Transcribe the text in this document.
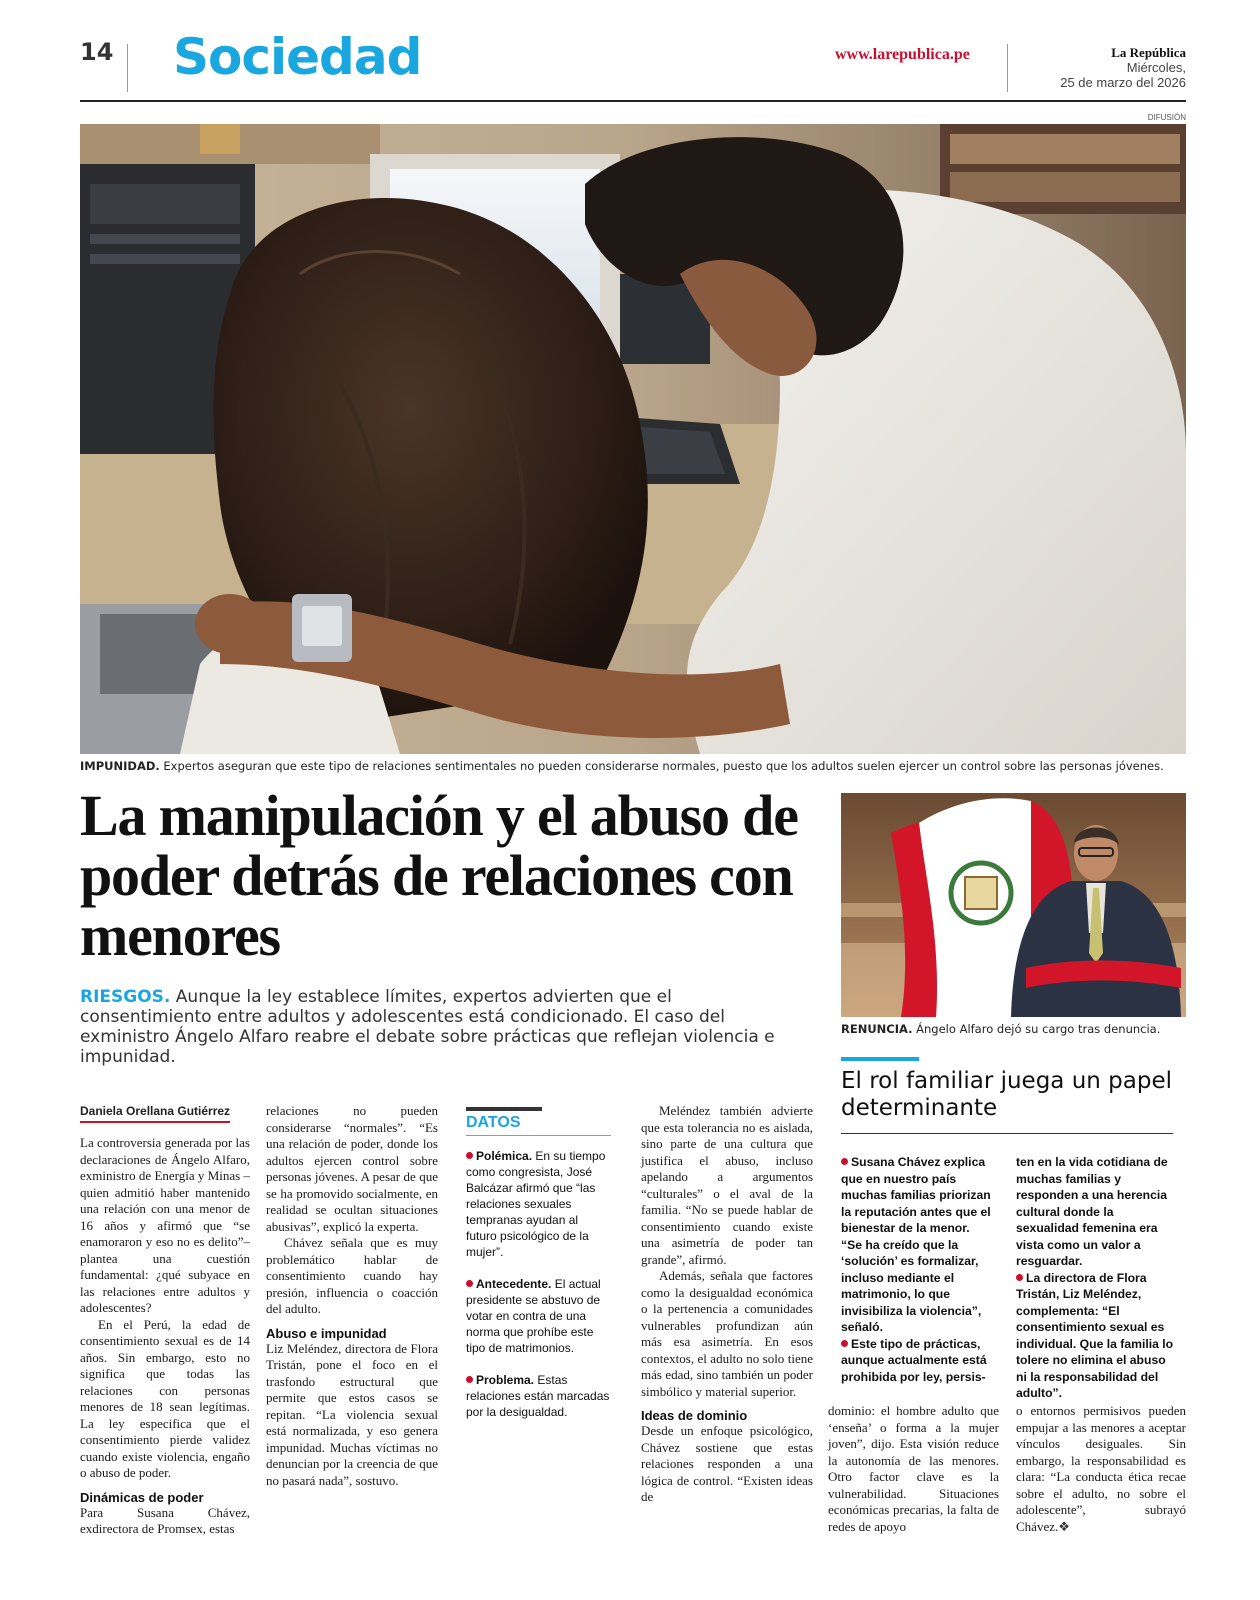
14 Sociedad	www.larepublica.pe	La República
Miércoles,
25 de marzo del 2026
DIFUSIÓN
IMPUNIDAD. Expertos aseguran que este tipo de relaciones sentimentales no pueden considerarse normales, puesto que los adultos suelen ejercer un control sobre las personas jóvenes.
La manipulación y el abuso de poder detrás de relaciones con menores
RIESGOS. Aunque la ley establece límites, expertos advierten que el consentimiento entre adultos y adolescentes está condicionado. El caso del exministro Ángelo Alfaro reabre el debate sobre prácticas que reflejan violencia e impunidad.
RENUNCIA. Ángelo Alfaro dejó su cargo tras denuncia.
Daniela Orellana Gutiérrez

La controversia generada por las declaraciones de Ángelo Alfaro, exministro de Energía y Minas –quien admitió haber mantenido una relación con una menor de 16 años y afirmó que “se enamoraron y eso no es delito”– plantea una cuestión fundamental: ¿qué subyace en las relaciones entre adultos y adolescentes?

En el Perú, la edad de consentimiento sexual es de 14 años. Sin embargo, esto no significa que todas las relaciones con personas menores de 18 sean legítimas. La ley especifica que el consentimiento pierde validez cuando existe violencia, engaño o abuso de poder.

Dinámicas de poder

Para Susana Chávez, exdirectora de Promsex, estas

relaciones no pueden considerarse “normales”. “Es una relación de poder, donde los adultos ejercen control sobre personas jóvenes. A pesar de que se ha promovido socialmente, en realidad se ocultan situaciones abusivas”, explicó la experta.

Chávez señala que es muy problemático hablar de consentimiento cuando hay presión, influencia o coacción del adulto.

Abuso e impunidad

Liz Meléndez, directora de Flora Tristán, pone el foco en el trasfondo estructural que permite que estos casos se repitan. “La violencia sexual está normalizada, y eso genera impunidad. Muchas víctimas no denuncian por la creencia de que no pasará nada”, sostuvo.

DATOS
Polémica. En su tiempo como congresista, José Balcázar afirmó que “las relaciones sexuales tempranas ayudan al futuro psicológico de la mujer”.
Antecedente. El actual presidente se abstuvo de votar en contra de una norma que prohíbe este tipo de matrimonios.
Problema. Estas relaciones están marcadas por la desigualdad.

Meléndez también advierte que esta tolerancia no es aislada, sino parte de una cultura que justifica el abuso, incluso apelando a argumentos “culturales” o el aval de la familia. “No se puede hablar de consentimiento cuando existe una asimetría de poder tan grande”, afirmó.

Además, señala que factores como la desigualdad económica o la pertenencia a comunidades vulnerables profundizan aún más esa asimetría. En esos contextos, el adulto no solo tiene más edad, sino también un poder simbólico y material superior.

Ideas de dominio

Desde un enfoque psicológico, Chávez sostiene que estas relaciones responden a una lógica de control. “Existen ideas de

El rol familiar juega un papel determinante

Susana Chávez explica que en nuestro país muchas familias priorizan la reputación antes que el bienestar de la menor. “Se ha creído que la ‘solución’ es formalizar, incluso mediante el matrimonio, lo que invisibiliza la violencia”, señaló.

Este tipo de prácticas, aunque actualmente está prohibida por ley, persis-

ten en la vida cotidiana de muchas familias y responden a una herencia cultural donde la sexualidad femenina era vista como un valor a resguardar.

La directora de Flora Tristán, Liz Meléndez, complementa: “El consentimiento sexual es individual. Que la familia lo tolere no elimina el abuso ni la responsabilidad del adulto”.

dominio: el hombre adulto que ‘enseña’ o forma a la mujer joven”, dijo. Esta visión reduce la autonomía de las menores. Otro factor clave es la vulnerabilidad. Situaciones económicas precarias, la falta de redes de apoyo

o entornos permisivos pueden empujar a las menores a aceptar vínculos desiguales. Sin embargo, la responsabilidad es clara: “La conducta ética recae sobre el adulto, no sobre el adolescente”, subrayó Chávez.❖
